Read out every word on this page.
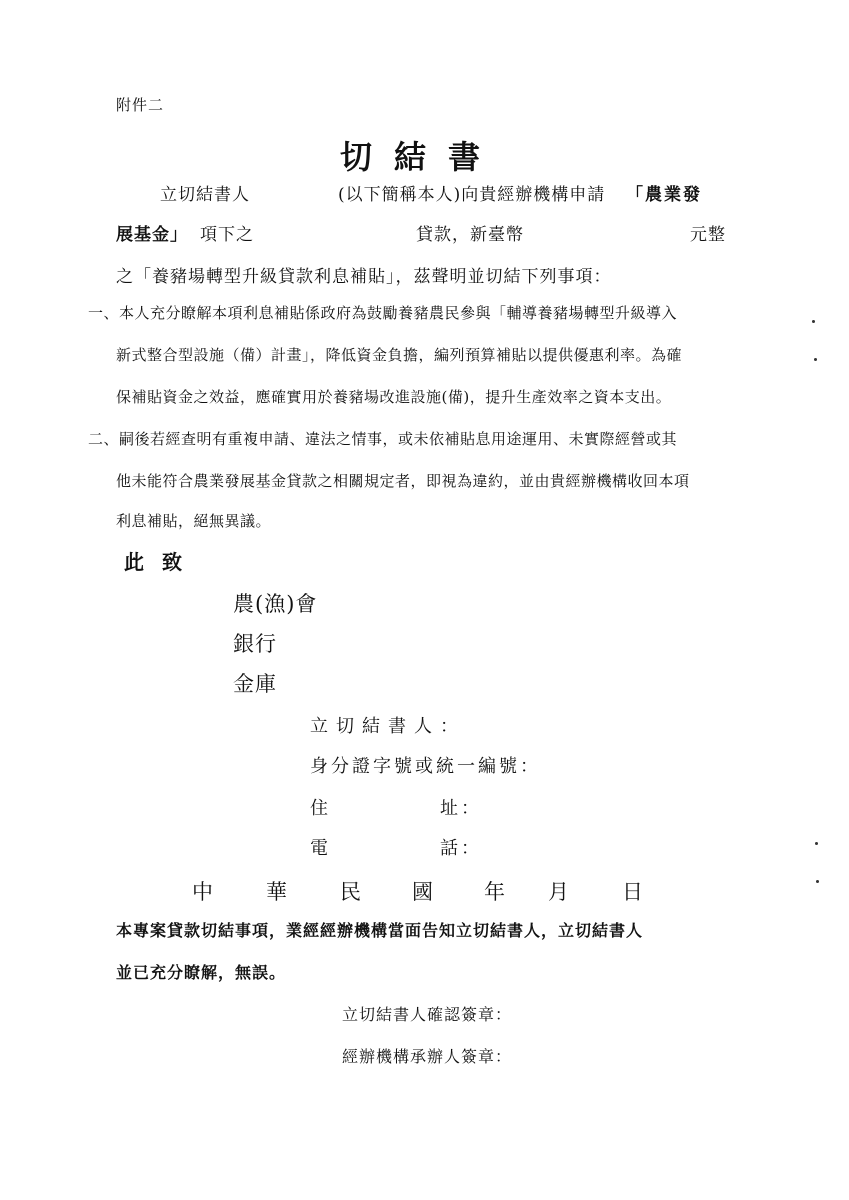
附件二
切結書
立切結書人	(以下簡稱本人)向貴經辦機構申請 「農業發
展基金」 項下之	貸款，新臺幣	元整
之「養豬場轉型升級貸款利息補貼」，茲聲明並切結下列事項：
一、本人充分瞭解本項利息補貼係政府為鼓勵養豬農民參與「輔導養豬場轉型升級導入
新式整合型設施（備）計畫」，降低資金負擔，編列預算補貼以提供優惠利率。為確
保補貼資金之效益，應確實用於養豬場改進設施(備)，提升生產效率之資本支出。
二、嗣後若經查明有重複申請、違法之情事，或未依補貼息用途運用、未實際經營或其
他未能符合農業發展基金貸款之相關規定者，即視為違約，並由貴經辦機構收回本項
利息補貼，絕無異議。
此致
農(漁)會
銀行
金庫
立切結書人：
身分證字號或統一編號：
住	址：
電	話：
中	華	民 國 年 月	日
本專案貸款切結事項，業經經辦機構當面告知立切結書人，立切結書人
並已充分瞭解，無誤。
立切結書人確認簽章：
經辦機構承辦人簽章：
